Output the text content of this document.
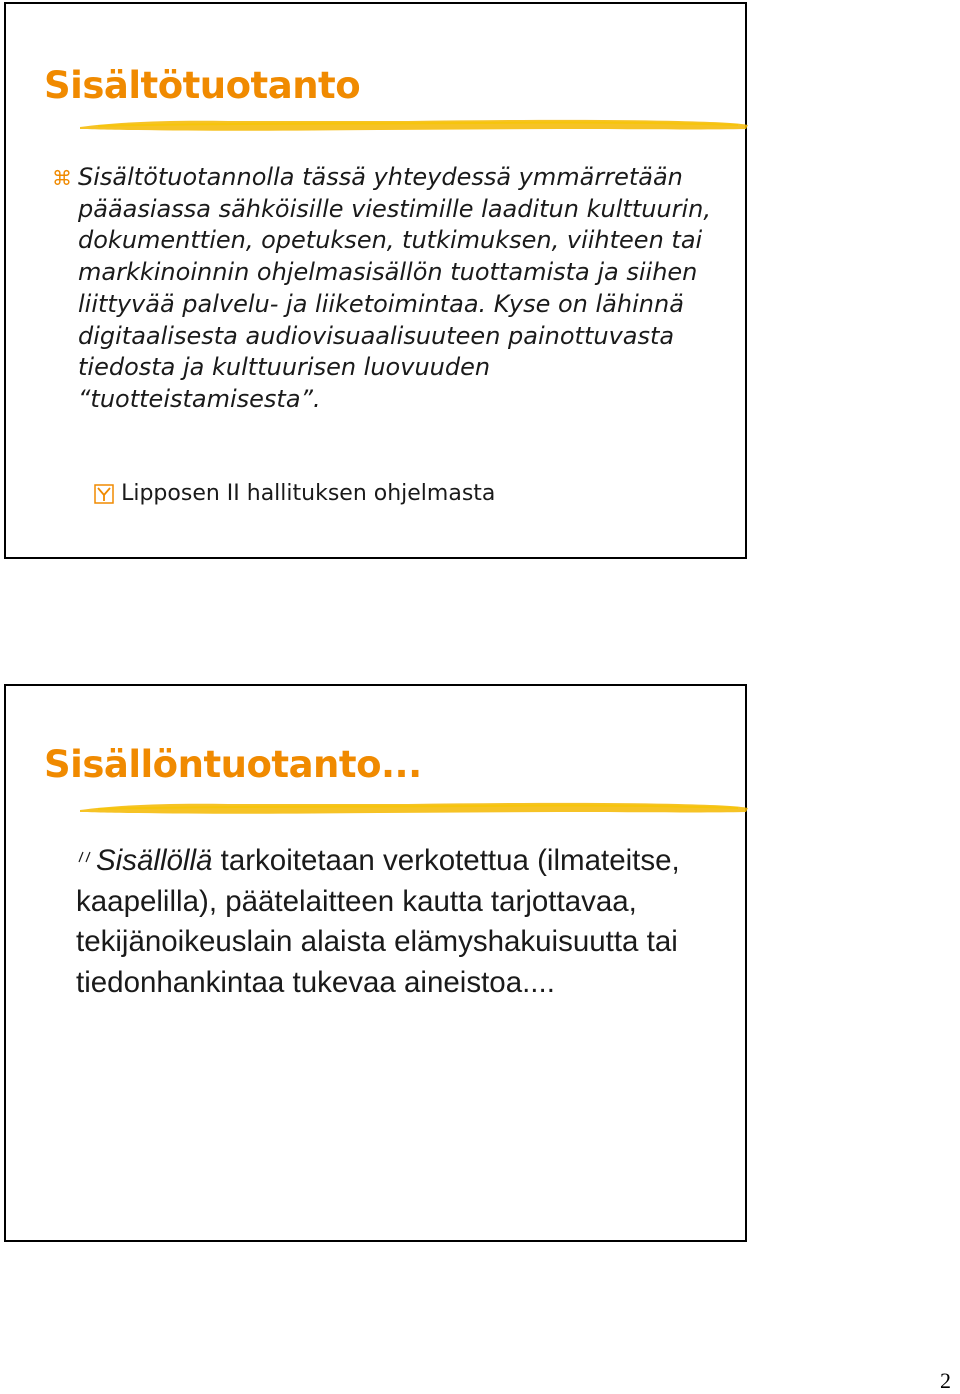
Sisältötuotanto
⌘ Sisältötuotannolla tässä yhteydessä ymmärretään pääasiassa sähköisille viestimille laaditun kulttuurin, dokumenttien, opetuksen, tutkimuksen, viihteen tai markkinoinnin ohjelmasisällön tuottamista ja siihen liittyvää palvelu- ja liiketoimintaa. Kyse on lähinnä digitaalisesta audiovisuaalisuuteen painottuvasta tiedosta ja kulttuurisen luovuuden “tuotteistamisesta”.

Lipposen II hallituksen ohjelmasta
Sisällöntuotanto...

Sisällöllä tarkoitetaan verkotettua (ilmateitse, kaapelilla), päätelaitteen kautta tarjottavaa, tekijänoikeuslain alaista elämyshakuisuutta tai tiedonhankintaa tukevaa aineistoa....

2
